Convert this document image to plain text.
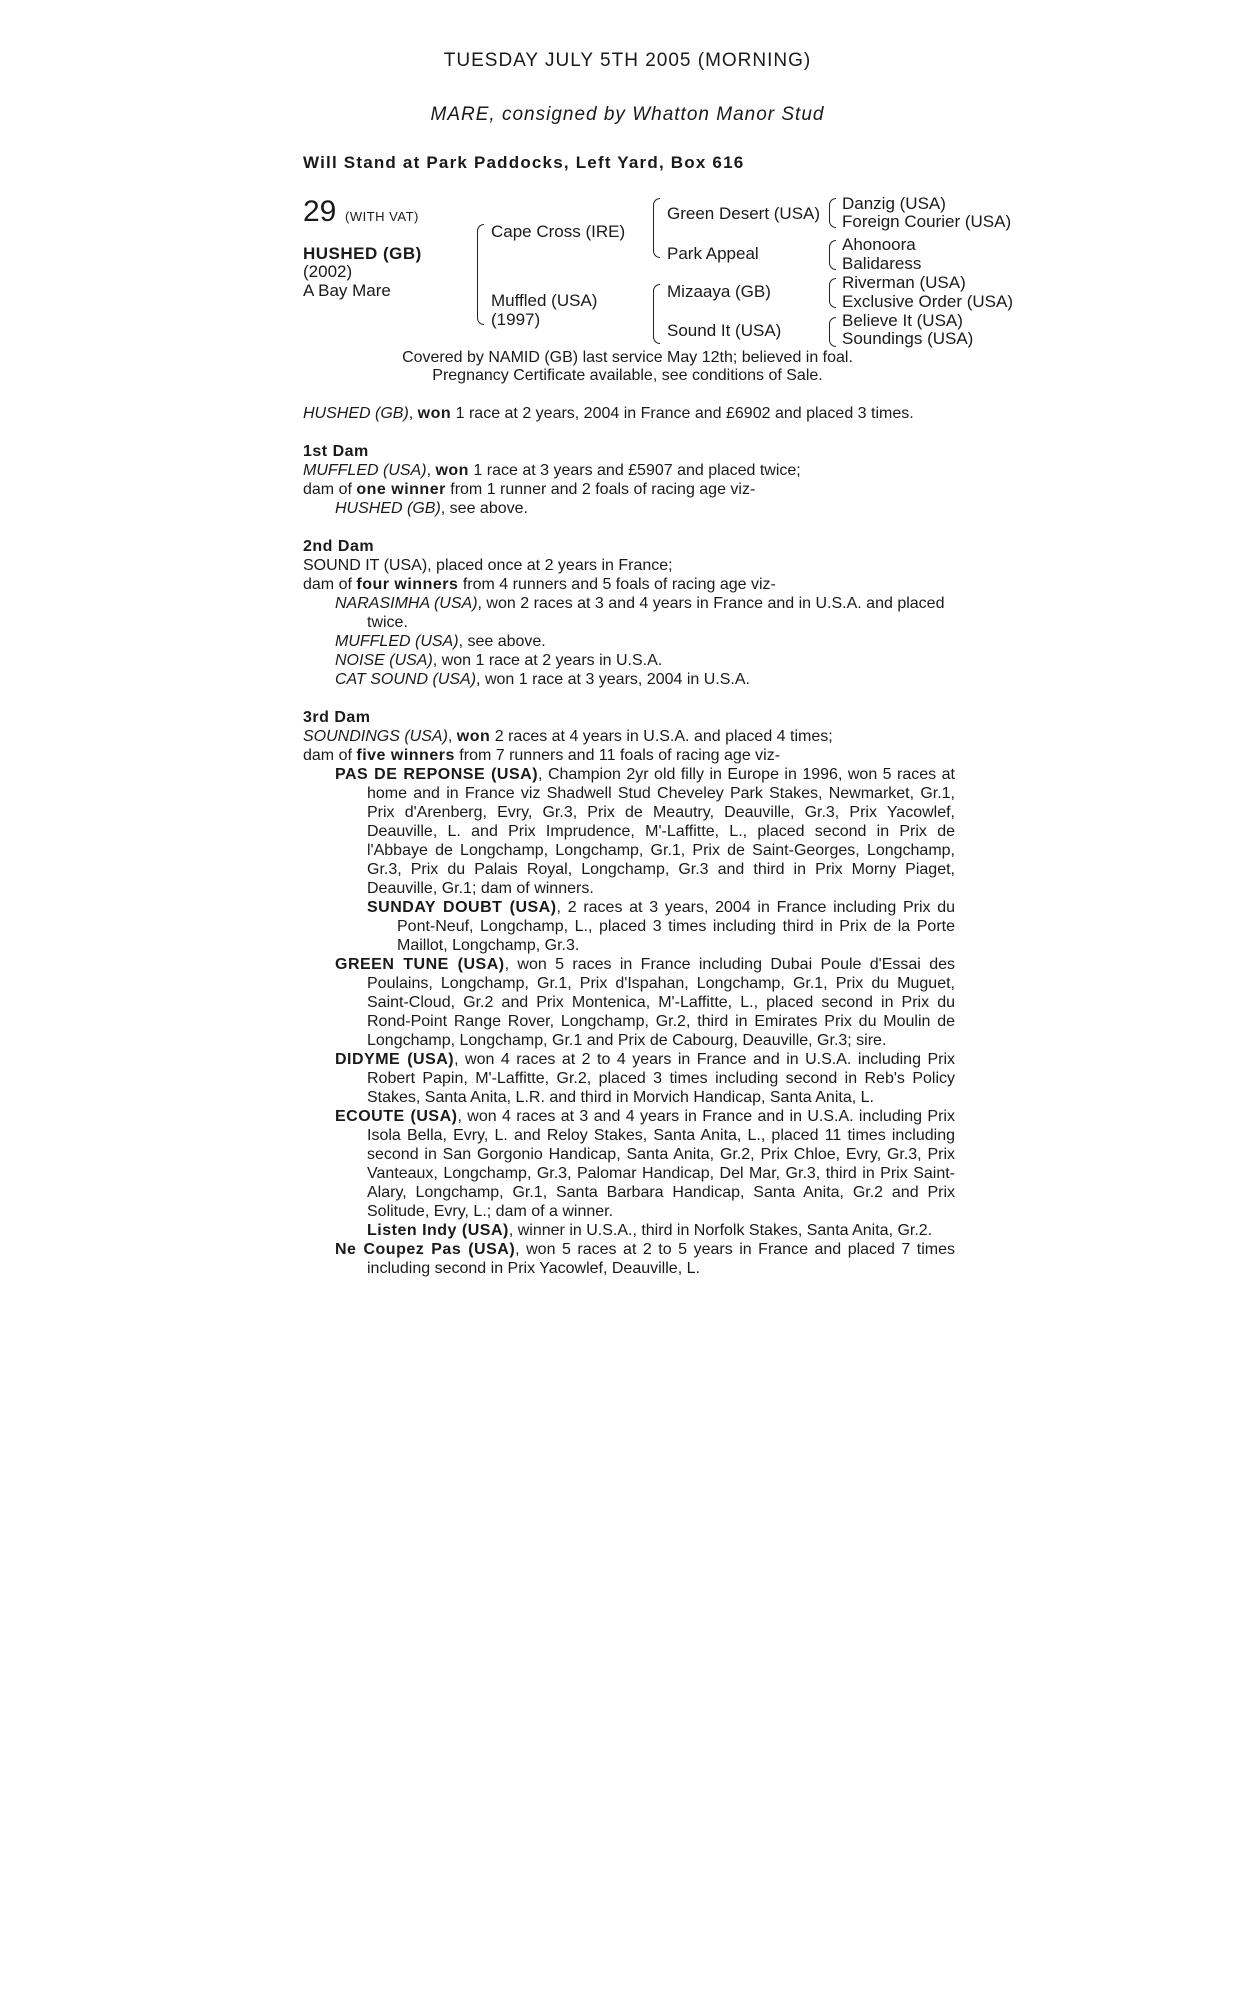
TUESDAY JULY 5TH 2005 (MORNING)
MARE, consigned by Whatton Manor Stud
Will Stand at Park Paddocks, Left Yard, Box 616
29 (WITH VAT)
HUSHED (GB)
(2002)
A Bay Mare
Cape Cross (IRE)
Muffled (USA)
(1997)
Green Desert (USA)
Park Appeal
Mizaaya (GB)
Sound It (USA)
Danzig (USA)
Foreign Courier (USA)
Ahonoora
Balidaress
Riverman (USA)
Exclusive Order (USA)
Believe It (USA)
Soundings (USA)
Covered by NAMID (GB) last service May 12th; believed in foal.
Pregnancy Certificate available, see conditions of Sale.

HUSHED (GB), won 1 race at 2 years, 2004 in France and £6902 and placed 3 times.

1st Dam

MUFFLED (USA), won 1 race at 3 years and £5907 and placed twice;

dam of one winner from 1 runner and 2 foals of racing age viz-

HUSHED (GB), see above.

2nd Dam

SOUND IT (USA), placed once at 2 years in France;

dam of four winners from 4 runners and 5 foals of racing age viz-

NARASIMHA (USA), won 2 races at 3 and 4 years in France and in U.S.A. and placed twice.

MUFFLED (USA), see above.

NOISE (USA), won 1 race at 2 years in U.S.A.

CAT SOUND (USA), won 1 race at 3 years, 2004 in U.S.A.

3rd Dam

SOUNDINGS (USA), won 2 races at 4 years in U.S.A. and placed 4 times;

dam of five winners from 7 runners and 11 foals of racing age viz-

PAS DE REPONSE (USA), Champion 2yr old filly in Europe in 1996, won 5 races at home and in France viz Shadwell Stud Cheveley Park Stakes, Newmarket, Gr.1, Prix d'Arenberg, Evry, Gr.3, Prix de Meautry, Deauville, Gr.3, Prix Yacowlef, Deauville, L. and Prix Imprudence, M'-Laffitte, L., placed second in Prix de l'Abbaye de Longchamp, Longchamp, Gr.1, Prix de Saint-Georges, Longchamp, Gr.3, Prix du Palais Royal, Longchamp, Gr.3 and third in Prix Morny Piaget, Deauville, Gr.1; dam of winners.

SUNDAY DOUBT (USA), 2 races at 3 years, 2004 in France including Prix du Pont-Neuf, Longchamp, L., placed 3 times including third in Prix de la Porte Maillot, Longchamp, Gr.3.

GREEN TUNE (USA), won 5 races in France including Dubai Poule d'Essai des Poulains, Longchamp, Gr.1, Prix d'Ispahan, Longchamp, Gr.1, Prix du Muguet, Saint-Cloud, Gr.2 and Prix Montenica, M'-Laffitte, L., placed second in Prix du Rond-Point Range Rover, Longchamp, Gr.2, third in Emirates Prix du Moulin de Longchamp, Longchamp, Gr.1 and Prix de Cabourg, Deauville, Gr.3; sire.

DIDYME (USA), won 4 races at 2 to 4 years in France and in U.S.A. including Prix Robert Papin, M'-Laffitte, Gr.2, placed 3 times including second in Reb's Policy Stakes, Santa Anita, L.R. and third in Morvich Handicap, Santa Anita, L.

ECOUTE (USA), won 4 races at 3 and 4 years in France and in U.S.A. including Prix Isola Bella, Evry, L. and Reloy Stakes, Santa Anita, L., placed 11 times including second in San Gorgonio Handicap, Santa Anita, Gr.2, Prix Chloe, Evry, Gr.3, Prix Vanteaux, Longchamp, Gr.3, Palomar Handicap, Del Mar, Gr.3, third in Prix Saint-Alary, Longchamp, Gr.1, Santa Barbara Handicap, Santa Anita, Gr.2 and Prix Solitude, Evry, L.; dam of a winner.

Listen Indy (USA), winner in U.S.A., third in Norfolk Stakes, Santa Anita, Gr.2.

Ne Coupez Pas (USA), won 5 races at 2 to 5 years in France and placed 7 times including second in Prix Yacowlef, Deauville, L.
